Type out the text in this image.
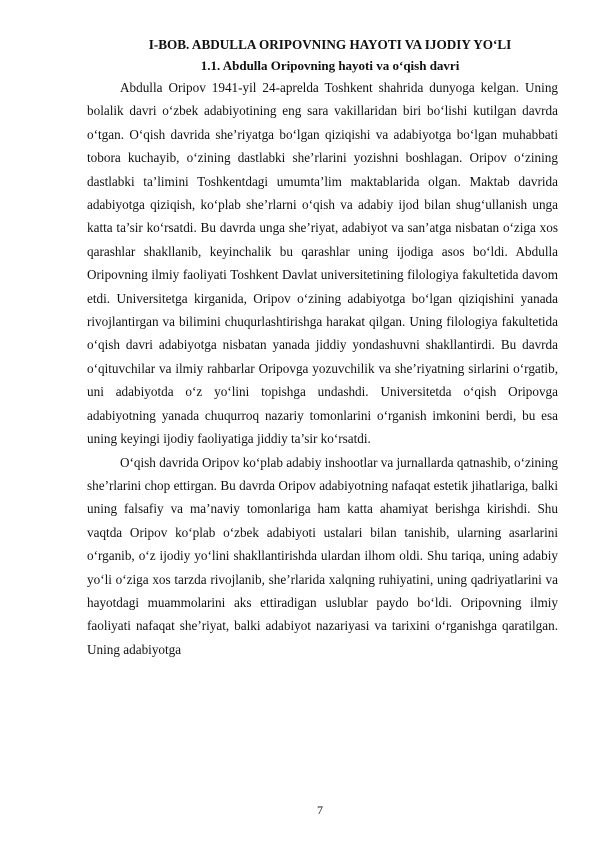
I-BOB. ABDULLA ORIPOVNING HAYOTI VA IJODIY YO‘LI
1.1. Abdulla Oripovning hayoti va o‘qish davri

Abdulla Oripov 1941-yil 24-aprelda Toshkent shahrida dunyoga kelgan. Uning bolalik davri o‘zbek adabiyotining eng sara vakillaridan biri bo‘lishi kutilgan davrda o‘tgan. O‘qish davrida she’riyatga bo‘lgan qiziqishi va adabiyotga bo‘lgan muhabbati tobora kuchayib, o‘zining dastlabki she’rlarini yozishni boshlagan. Oripov o‘zining dastlabki ta’limini Toshkentdagi umumta’lim maktablarida olgan. Maktab davrida adabiyotga qiziqish, ko‘plab she’rlarni o‘qish va adabiy ijod bilan shug‘ullanish unga katta ta’sir ko‘rsatdi. Bu davrda unga she’riyat, adabiyot va san’atga nisbatan o‘ziga xos qarashlar shakllanib, keyinchalik bu qarashlar uning ijodiga asos bo‘ldi. Abdulla Oripovning ilmiy faoliyati Toshkent Davlat universitetining filologiya fakultetida davom etdi. Universitetga kirganida, Oripov o‘zining adabiyotga bo‘lgan qiziqishini yanada rivojlantirgan va bilimini chuqurlashtirishga harakat qilgan. Uning filologiya fakultetida o‘qish davri adabiyotga nisbatan yanada jiddiy yondashuvni shakllantirdi. Bu davrda o‘qituvchilar va ilmiy rahbarlar Oripovga yozuvchilik va she’riyatning sirlarini o‘rgatib, uni adabiyotda o‘z yo‘lini topishga undashdi. Universitetda o‘qish Oripovga adabiyotning yanada chuqurroq nazariy tomonlarini o‘rganish imkonini berdi, bu esa uning keyingi ijodiy faoliyatiga jiddiy ta’sir ko‘rsatdi.

O‘qish davrida Oripov ko‘plab adabiy inshootlar va jurnallarda qatnashib, o‘zining she’rlarini chop ettirgan. Bu davrda Oripov adabiyotning nafaqat estetik jihatlariga, balki uning falsafiy va ma’naviy tomonlariga ham katta ahamiyat berishga kirishdi. Shu vaqtda Oripov ko‘plab o‘zbek adabiyoti ustalari bilan tanishib, ularning asarlarini o‘rganib, o‘z ijodiy yo‘lini shakllantirishda ulardan ilhom oldi. Shu tariqa, uning adabiy yo‘li o‘ziga xos tarzda rivojlanib, she’rlarida xalqning ruhiyatini, uning qadriyatlarini va hayotdagi muammolarini aks ettiradigan uslublar paydo bo‘ldi. Oripovning ilmiy faoliyati nafaqat she’riyat, balki adabiyot nazariyasi va tarixini o‘rganishga qaratilgan. Uning adabiyotga

7
